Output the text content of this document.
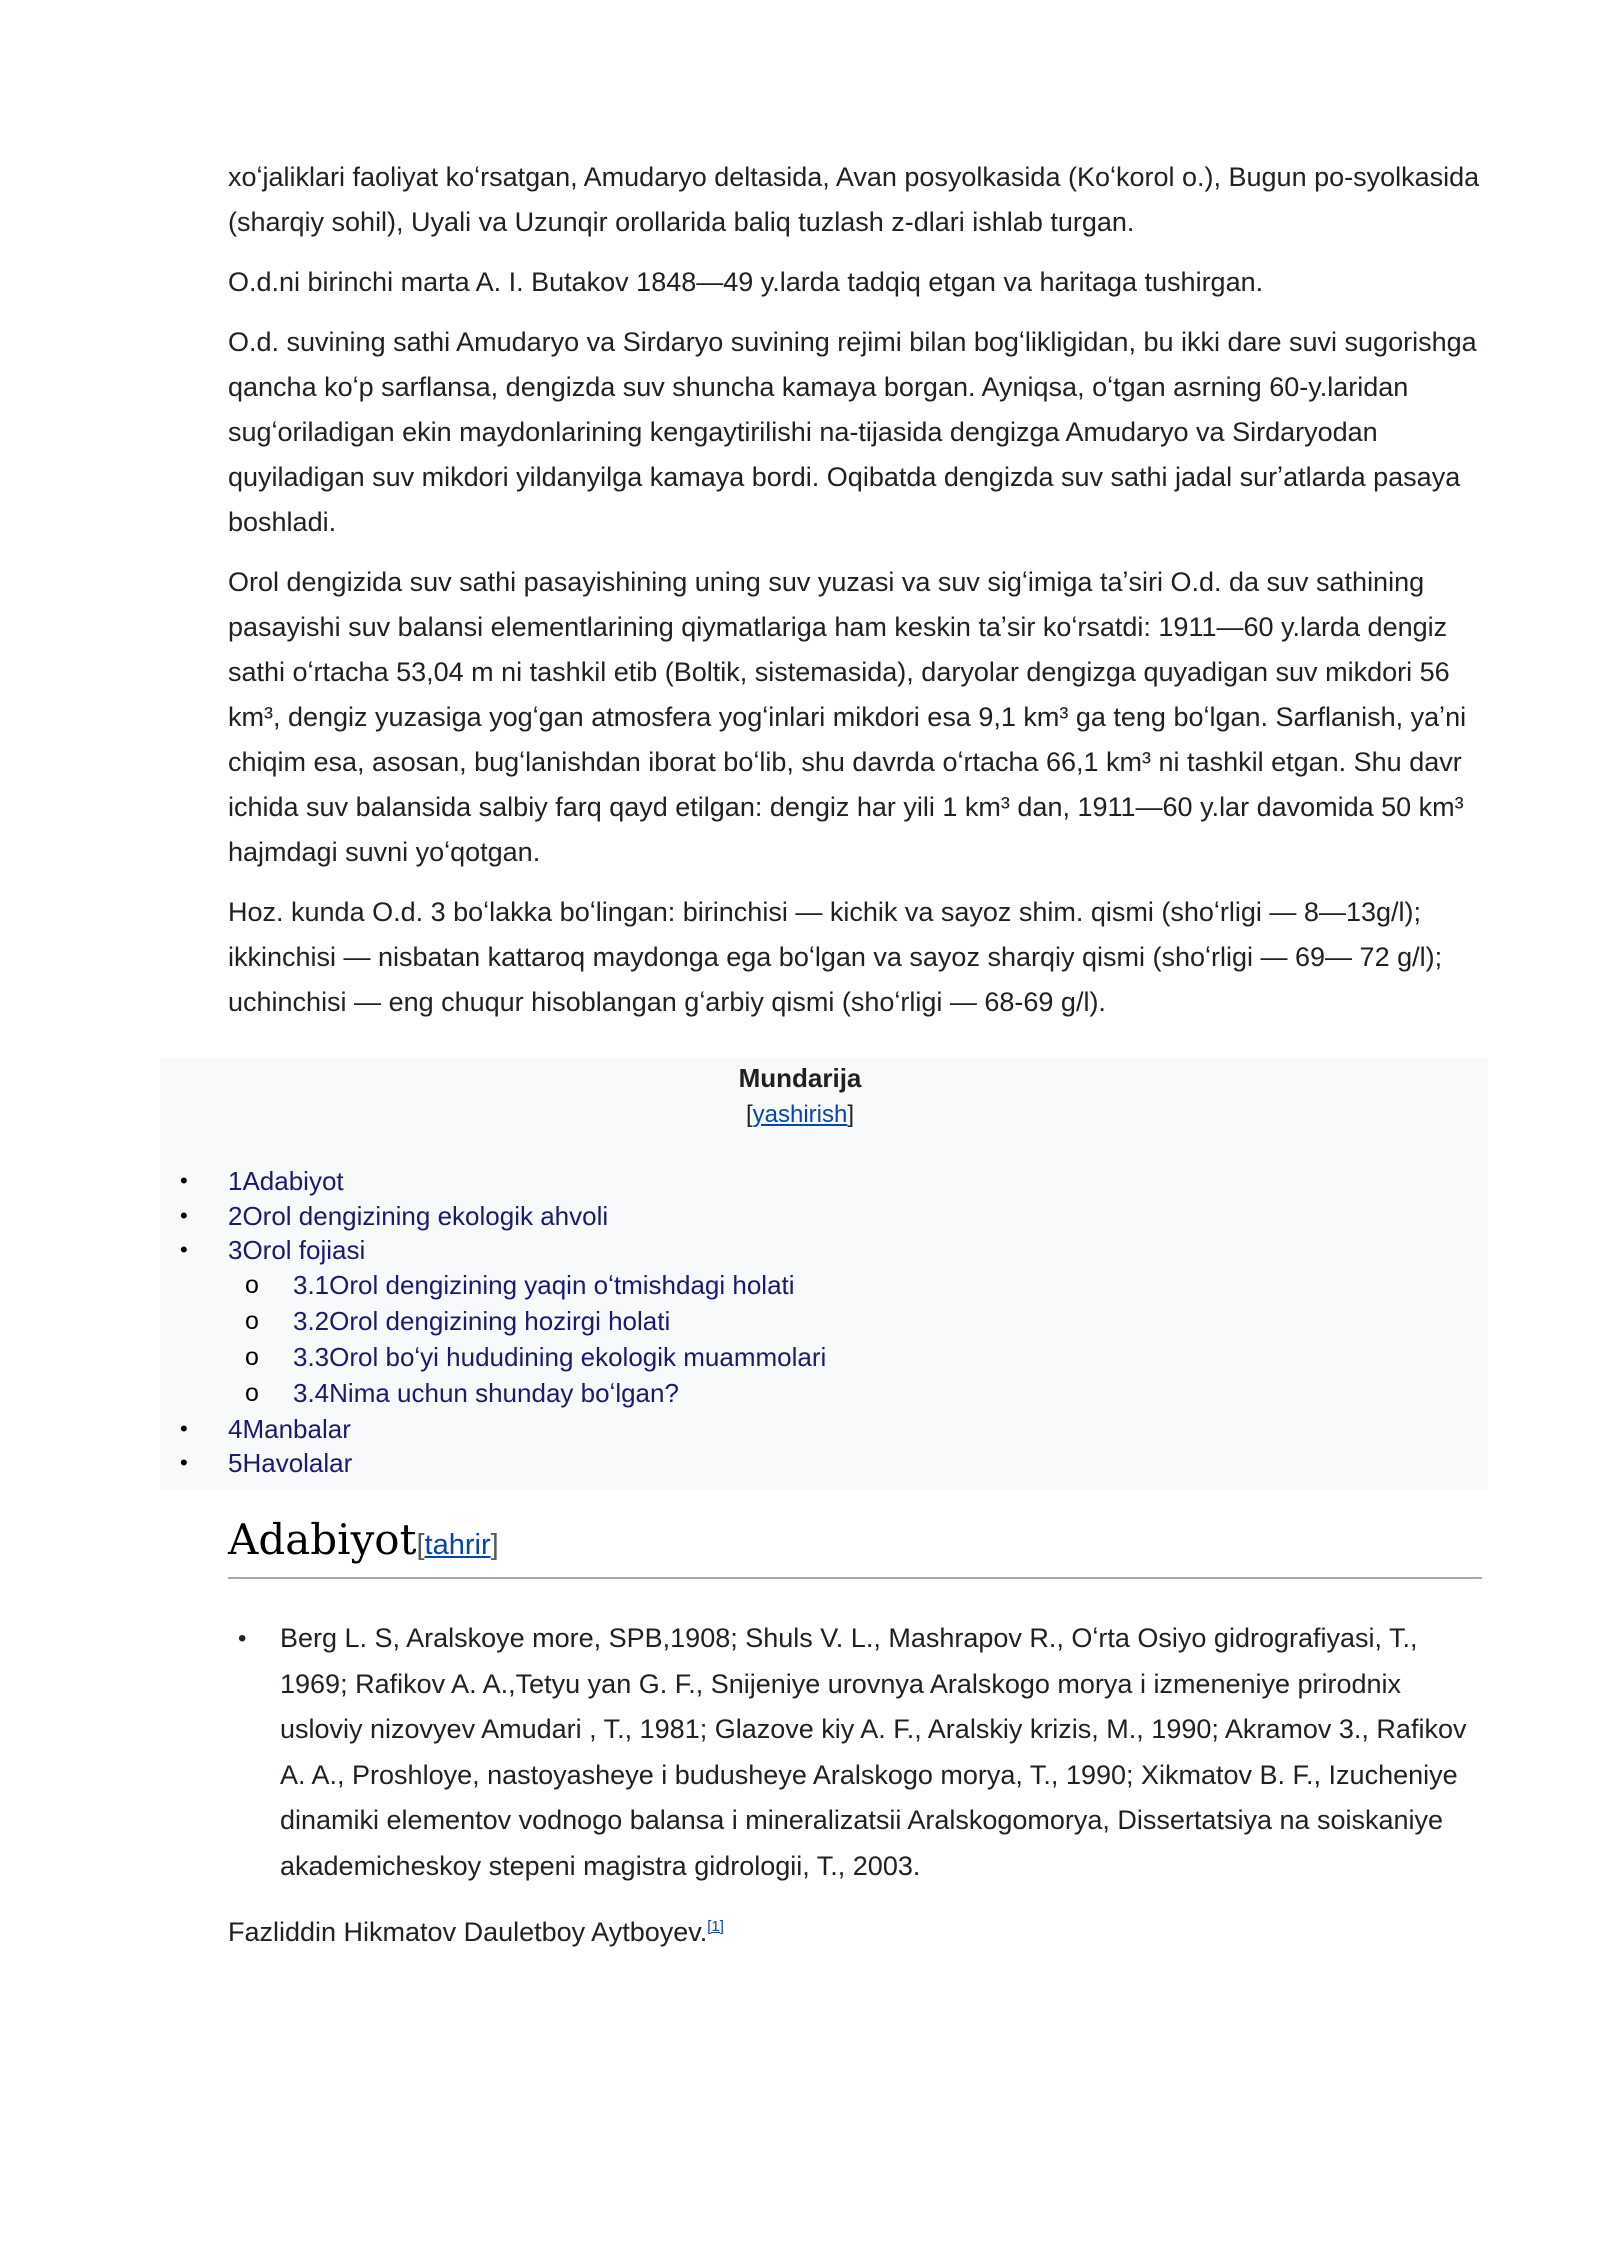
xoʻjaliklari faoliyat koʻrsatgan, Amudaryo deltasida, Avan posyolkasida (Koʻkorol o.), Bugun po-syolkasida (sharqiy sohil), Uyali va Uzunqir orollarida baliq tuzlash z-dlari ishlab turgan.

O.d.ni birinchi marta A. I. Butakov 1848—49 y.larda tadqiq etgan va haritaga tushirgan.

O.d. suvining sathi Amudaryo va Sirdaryo suvining rejimi bilan bogʻlikligidan, bu ikki dare suvi sugorishga qancha koʻp sarflansa, dengizda suv shuncha kamaya borgan. Ayniqsa, oʻtgan asrning 60-y.laridan sugʻoriladigan ekin maydonlarining kengaytirilishi na-tijasida dengizga Amudaryo va Sirdaryodan quyiladigan suv mikdori yildanyilga kamaya bordi. Oqibatda dengizda suv sathi jadal surʼatlarda pasaya boshladi.

Orol dengizida suv sathi pasayishining uning suv yuzasi va suv sigʻimiga taʼsiri O.d. da suv sathining pasayishi suv balansi elementlarining qiymatlariga ham keskin taʼsir koʻrsatdi: 1911—60 y.larda dengiz sathi oʻrtacha 53,04 m ni tashkil etib (Boltik, sistemasida), daryolar dengizga quyadigan suv mikdori 56 km³, dengiz yuzasiga yogʻgan atmosfera yogʻinlari mikdori esa 9,1 km³ ga teng boʻlgan. Sarflanish, yaʼni chiqim esa, asosan, bugʻlanishdan iborat boʻlib, shu davrda oʻrtacha 66,1 km³ ni tashkil etgan. Shu davr ichida suv balansida salbiy farq qayd etilgan: dengiz har yili 1 km³ dan, 1911—60 y.lar davomida 50 km³ hajmdagi suvni yoʻqotgan.

Hoz. kunda O.d. 3 boʻlakka boʻlingan: birinchisi — kichik va sayoz shim. qismi (shoʻrligi — 8—13g/l); ikkinchisi — nisbatan kattaroq maydonga ega boʻlgan va sayoz sharqiy qismi (shoʻrligi — 69— 72 g/l); uchinchisi — eng chuqur hisoblangan gʻarbiy qismi (shoʻrligi — 68-69 g/l).

Mundarija
[yashirish]
• 1Adabiyot
• 2Orol dengizining ekologik ahvoli
• 3Orol fojiasi
o 3.1Orol dengizining yaqin oʻtmishdagi holati
o 3.2Orol dengizining hozirgi holati
o 3.3Orol boʻyi hududining ekologik muammolari
o 3.4Nima uchun shunday boʻlgan?
• 4Manbalar
• 5Havolalar
Adabiyot[tahrir]
• Berg L. S, Aralskoye more, SPB,1908; Shuls V. L., Mashrapov R., Oʻrta Osiyo gidrografiyasi, T., 1969; Rafikov A. A.,Tetyu yan G. F., Snijeniye urovnya Aralskogo morya i izmeneniye prirodnix usloviy nizovyev Amudari , T., 1981; Glazove kiy A. F., Aralskiy krizis, M., 1990; Akramov 3., Rafikov A. A., Proshloye, nastoyasheye i budusheye Aralskogo morya, T., 1990; Xikmatov B. F., Izucheniye dinamiki elementov vodnogo balansa i mineralizatsii Aralskogomorya, Dissertatsiya na soiskaniye akademicheskoy stepeni magistra gidrologii, T., 2003.
Fazliddin Hikmatov Dauletboy Aytboyev.[1]
